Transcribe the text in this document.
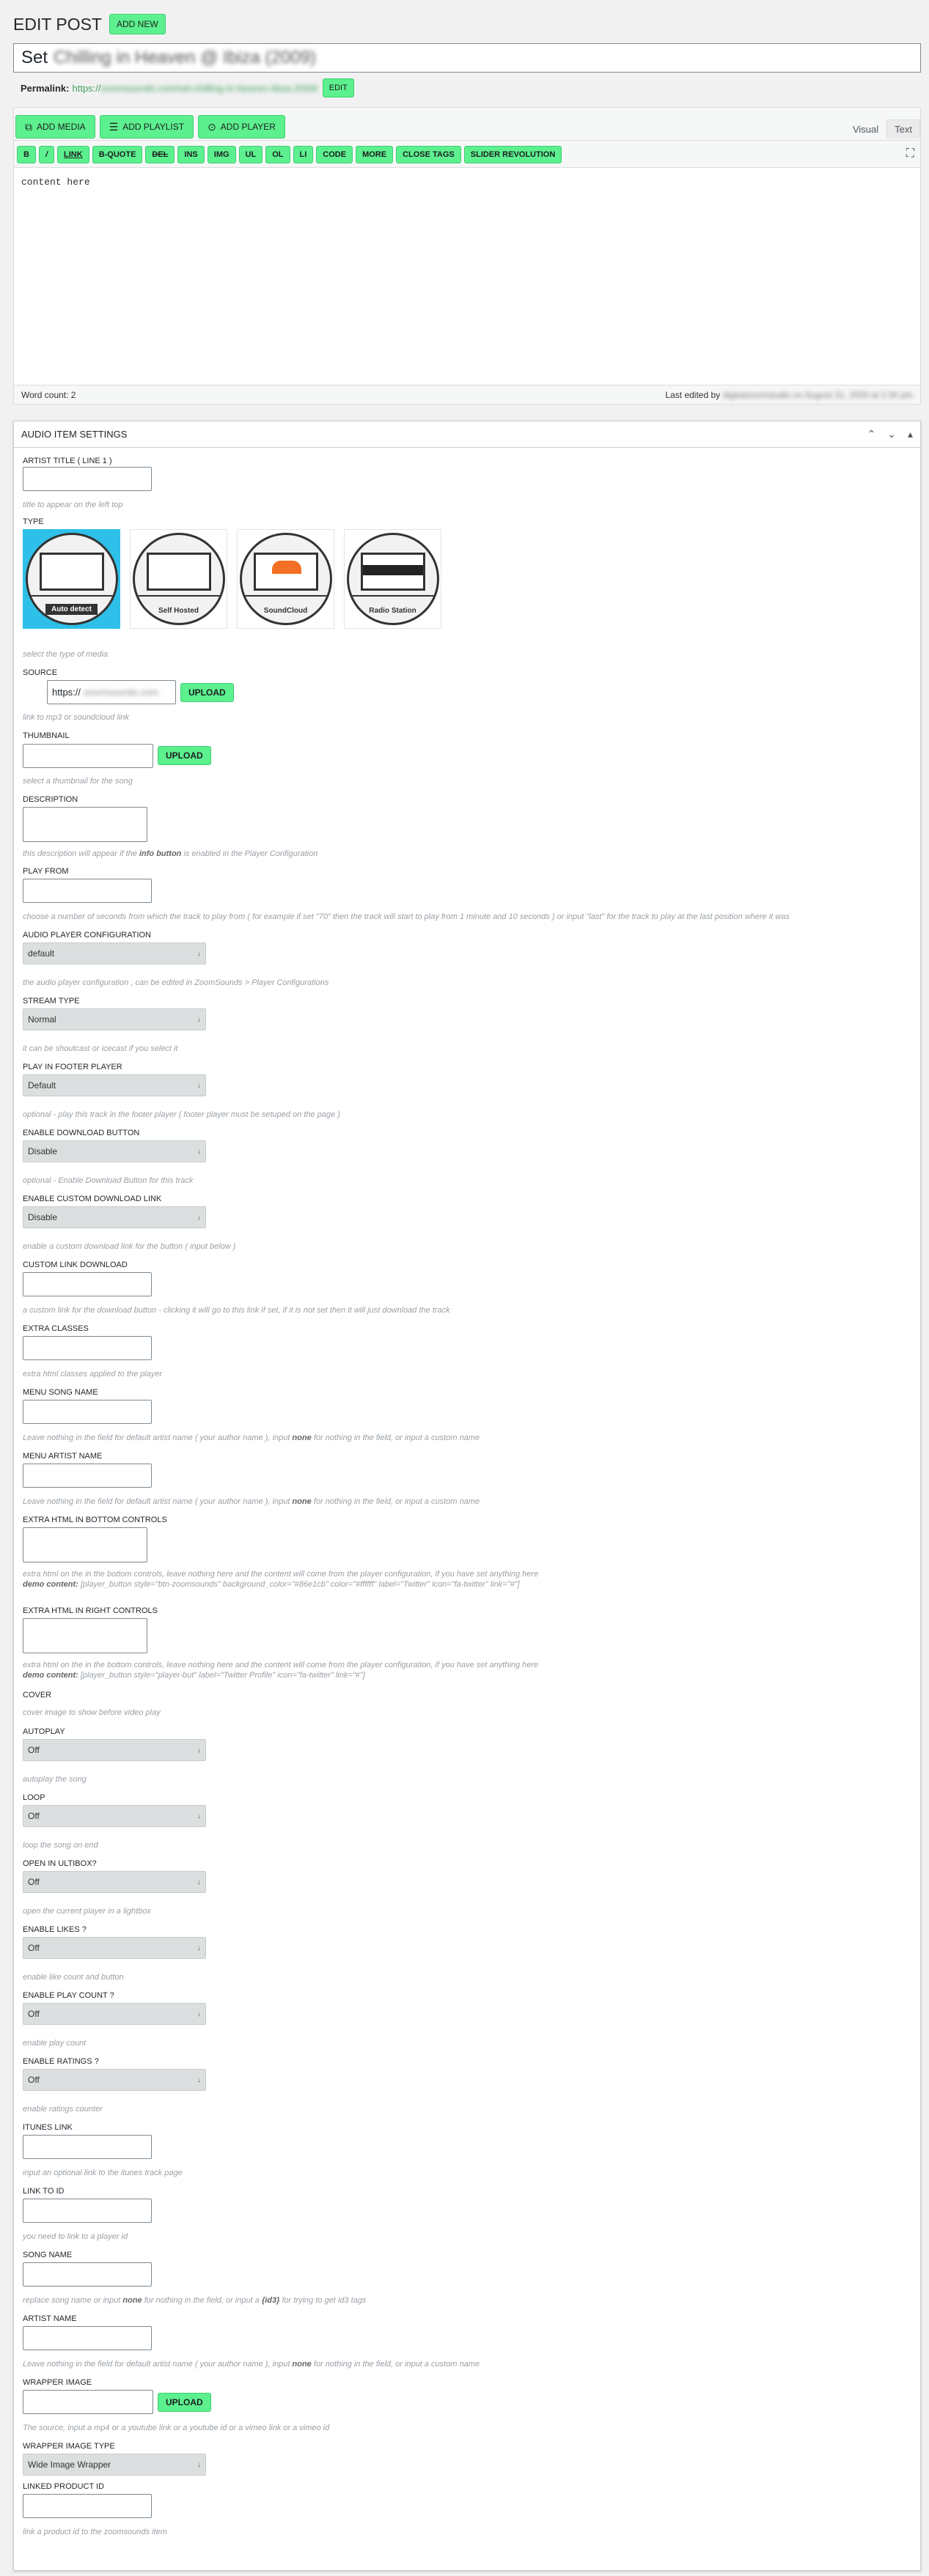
EDIT POST	ADD NEW
Set Chilling in Heaven @ Ibiza (2009)
Permalink: https://zoomsounds.com/set-chilling-in-heaven-ibiza-2009/	EDIT
⧉ ADD MEDIA ☰ ADD PLAYLIST ⊙ ADD PLAYER	Visual	Text
B	/	LINK	B-QUOTE	DEL	INS	IMG	UL	OL	LI	CODE	MORE	CLOSE TAGS	SLIDER REVOLUTION	⛶
content here
Word count: 2	Last edited by digitalzoomstudio on August 31, 2020 at 2:30 pm
AUDIO ITEM SETTINGS	⌃ ⌄ ▴
ARTIST TITLE ( LINE 1 )
title to appear on the left top
TYPE
Auto detect	Self Hosted	SoundCloud	Radio Station
select the type of media
SOURCE
https:// zoomsounds.com	UPLOAD
link to mp3 or soundcloud link
THUMBNAIL
UPLOAD
select a thumbnail for the song
DESCRIPTION
this description will appear if the info button is enabled in the Player Configuration
PLAY FROM
choose a number of seconds from which the track to play from ( for example if set "70" then the track will start to play from 1 minute and 10 seconds ) or input "last" for the track to play at the last position where it was
AUDIO PLAYER CONFIGURATION
default	↓
the audio player configuration , can be edited in ZoomSounds > Player Configurations
STREAM TYPE
Normal	↓
it can be shoutcast or icecast if you select it
PLAY IN FOOTER PLAYER
Default	↓
optional - play this track in the footer player ( footer player must be setuped on the page )
ENABLE DOWNLOAD BUTTON
Disable	↓
optional - Enable Download Button for this track
ENABLE CUSTOM DOWNLOAD LINK
Disable	↓
enable a custom download link for the button ( input below )
CUSTOM LINK DOWNLOAD
a custom link for the download button - clicking it will go to this link if set, if it is not set then it will just download the track
EXTRA CLASSES
extra html classes applied to the player
MENU SONG NAME
Leave nothing in the field for default artist name ( your author name ), input none for nothing in the field, or input a custom name
MENU ARTIST NAME
Leave nothing in the field for default artist name ( your author name ), input none for nothing in the field, or input a custom name
EXTRA HTML IN BOTTOM CONTROLS
extra html on the in the bottom controls, leave nothing here and the content will come from the player configuration, if you have set anything here
demo content: [player_button style="btn-zoomsounds" background_color="#86e1cb" color="#ffffff" label="Twitter" icon="fa-twitter" link="#"]
EXTRA HTML IN RIGHT CONTROLS
extra html on the in the bottom controls, leave nothing here and the content will come from the player configuration, if you have set anything here
demo content: [player_button style="player-but" label="Twitter Profile" icon="fa-twitter" link="#"]
COVER
cover image to show before video play
AUTOPLAY
Off	↓
autoplay the song
LOOP
Off	↓
loop the song on end
OPEN IN ULTIBOX?
Off	↓
open the current player in a lightbox
ENABLE LIKES ?
Off	↓
enable like count and button
ENABLE PLAY COUNT ?
Off	↓
enable play count
ENABLE RATINGS ?
Off	↓
enable ratings counter
ITUNES LINK
input an optional link to the itunes track page
LINK TO ID
you need to link to a player id
SONG NAME
replace song name or input none for nothing in the field, or input a {id3} for trying to get id3 tags
ARTIST NAME
Leave nothing in the field for default artist name ( your author name ), input none for nothing in the field, or input a custom name
WRAPPER IMAGE
UPLOAD
The source, input a mp4 or a youtube link or a youtube id or a vimeo link or a vimeo id
WRAPPER IMAGE TYPE
Wide Image Wrapper	↓
LINKED PRODUCT ID
link a product id to the zoomsounds item
